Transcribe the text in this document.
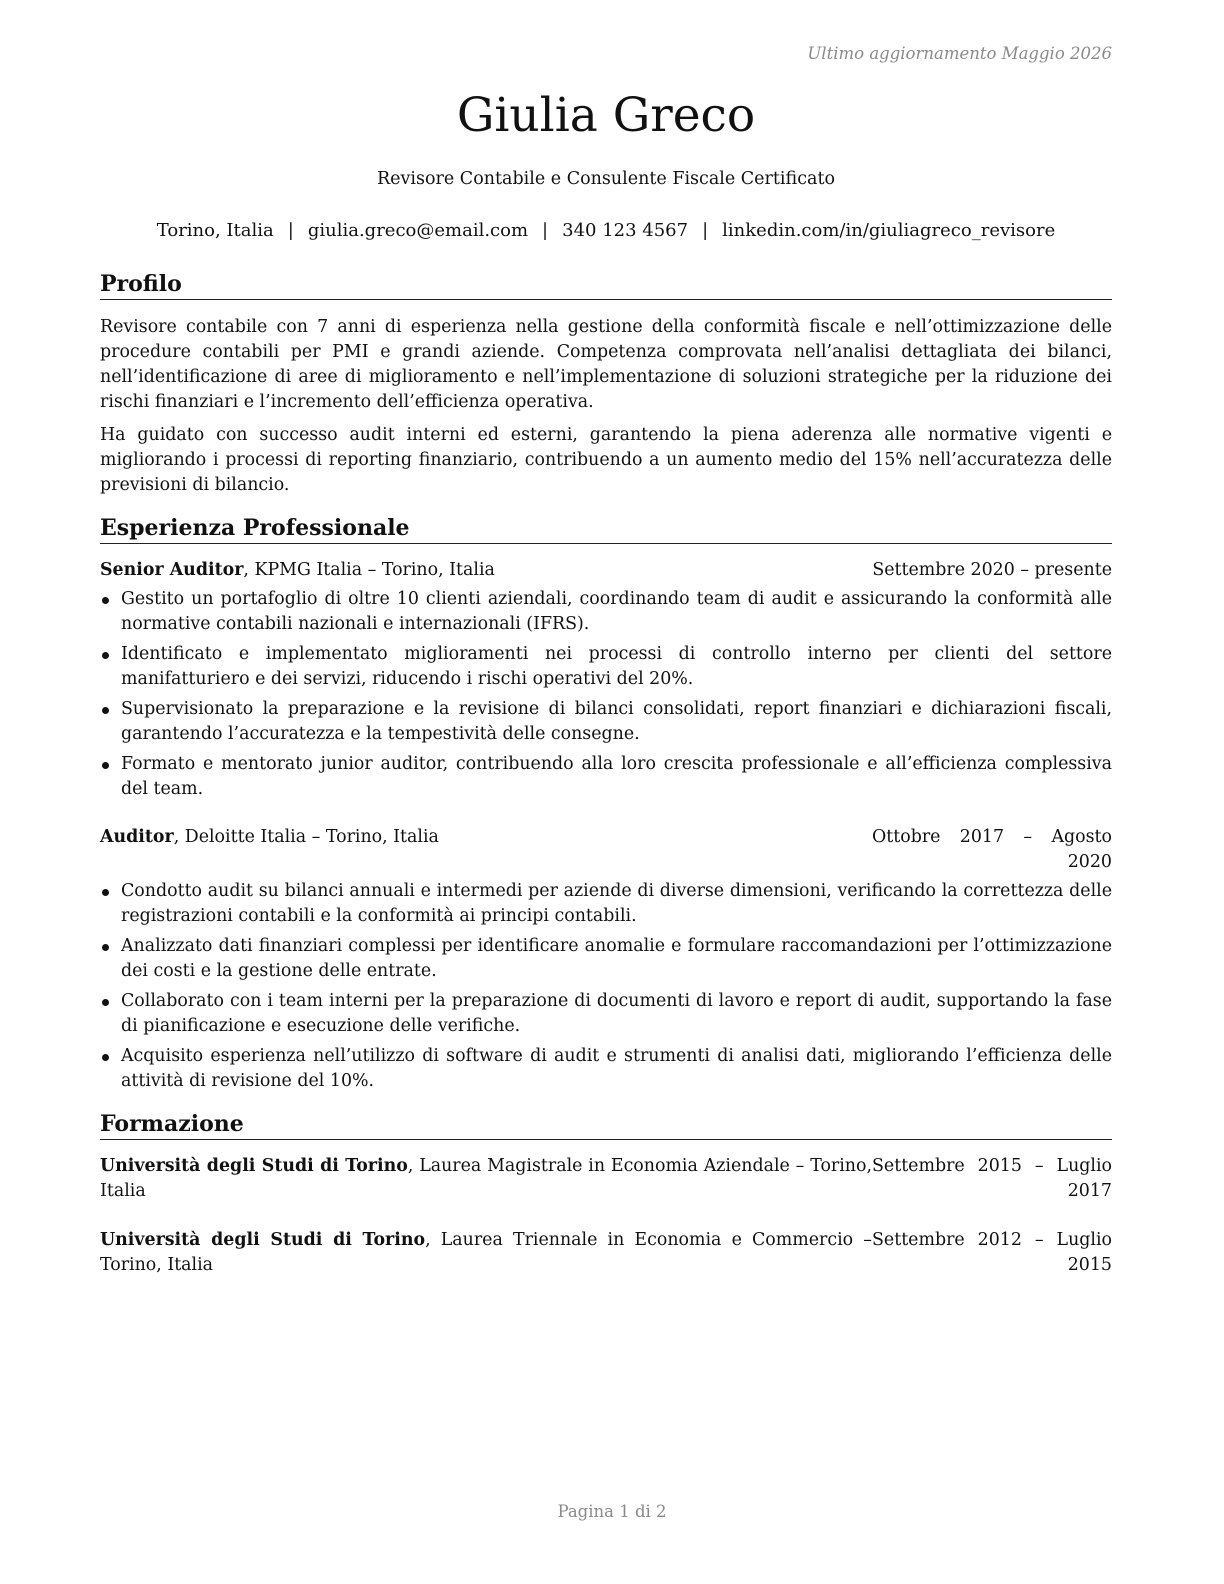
Ultimo aggiornamento Maggio 2026
Giulia Greco
Revisore Contabile e Consulente Fiscale Certificato
Torino, Italia | giulia.greco@email.com | 340 123 4567 | linkedin.com/in/giuliagreco_revisore
Profilo

Revisore contabile con 7 anni di esperienza nella gestione della conformità fiscale e nell’ottimizzazione delle procedure contabili per PMI e grandi aziende. Competenza comprovata nell’analisi dettagliata dei bilanci, nell’identificazione di aree di miglioramento e nell’implementazione di soluzioni strategiche per la riduzione dei rischi finanziari e l’incremento dell’efficienza operativa.

Ha guidato con successo audit interni ed esterni, garantendo la piena aderenza alle normative vigenti e migliorando i processi di reporting finanziario, contribuendo a un aumento medio del 15% nell’accuratezza delle previsioni di bilancio.

Esperienza Professionale
Senior Auditor, KPMG Italia – Torino, Italia	Settembre 2020 – presente
Gestito un portafoglio di oltre 10 clienti aziendali, coordinando team di audit e assicurando la conformità alle normative contabili nazionali e internazionali (IFRS).
Identificato e implementato miglioramenti nei processi di controllo interno per clienti del settore manifatturiero e dei servizi, riducendo i rischi operativi del 20%.
Supervisionato la preparazione e la revisione di bilanci consolidati, report finanziari e dichiarazioni fiscali, garantendo l’accuratezza e la tempestività delle consegne.
Formato e mentorato junior auditor, contribuendo alla loro crescita professionale e all’efficienza complessiva del team.
Auditor, Deloitte Italia – Torino, Italia	Ottobre 2017 – Agosto 2020
Condotto audit su bilanci annuali e intermedi per aziende di diverse dimensioni, verificando la correttezza delle registrazioni contabili e la conformità ai principi contabili.
Analizzato dati finanziari complessi per identificare anomalie e formulare raccomandazioni per l’ottimizzazione dei costi e la gestione delle entrate.
Collaborato con i team interni per la preparazione di documenti di lavoro e report di audit, supportando la fase di pianificazione e esecuzione delle verifiche.
Acquisito esperienza nell’utilizzo di software di audit e strumenti di analisi dati, migliorando l’efficienza delle attività di revisione del 10%.
Formazione
Università degli Studi di Torino, Laurea Magistrale in Economia Aziendale – Torino, Italia
Settembre 2015 – Luglio 2017
Università degli Studi di Torino, Laurea Triennale in Economia e Commercio – Torino, Italia
Settembre 2012 – Luglio 2015
Pagina 1 di 2
